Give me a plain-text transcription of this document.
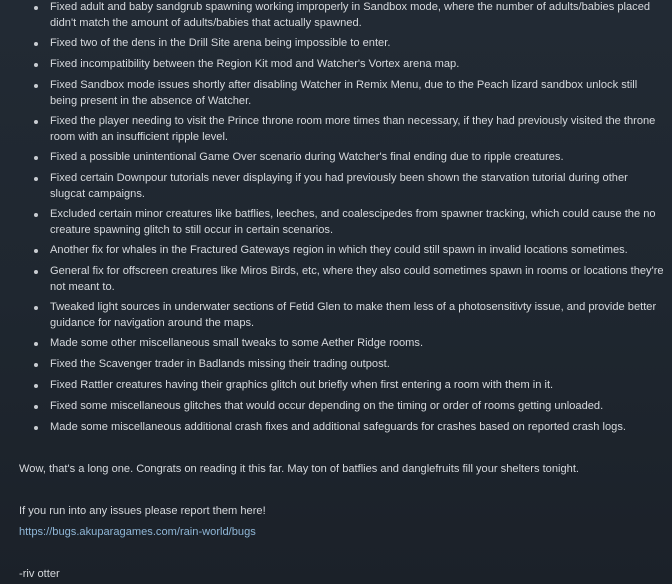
Fixed adult and baby sandgrub spawning working improperly in Sandbox mode, where the number of adults/babies placed didn't match the amount of adults/babies that actually spawned.
Fixed two of the dens in the Drill Site arena being impossible to enter.
Fixed incompatibility between the Region Kit mod and Watcher's Vortex arena map.
Fixed Sandbox mode issues shortly after disabling Watcher in Remix Menu, due to the Peach lizard sandbox unlock still being present in the absence of Watcher.
Fixed the player needing to visit the Prince throne room more times than necessary, if they had previously visited the throne room with an insufficient ripple level.
Fixed a possible unintentional Game Over scenario during Watcher's final ending due to ripple creatures.
Fixed certain Downpour tutorials never displaying if you had previously been shown the starvation tutorial during other slugcat campaigns.
Excluded certain minor creatures like batflies, leeches, and coalescipedes from spawner tracking, which could cause the no creature spawning glitch to still occur in certain scenarios.
Another fix for whales in the Fractured Gateways region in which they could still spawn in invalid locations sometimes.
General fix for offscreen creatures like Miros Birds, etc, where they also could sometimes spawn in rooms or locations they're not meant to.
Tweaked light sources in underwater sections of Fetid Glen to make them less of a photosensitivty issue, and provide better guidance for navigation around the maps.
Made some other miscellaneous small tweaks to some Aether Ridge rooms.
Fixed the Scavenger trader in Badlands missing their trading outpost.
Fixed Rattler creatures having their graphics glitch out briefly when first entering a room with them in it.
Fixed some miscellaneous glitches that would occur depending on the timing or order of rooms getting unloaded.
Made some miscellaneous additional crash fixes and additional safeguards for crashes based on reported crash logs.
Wow, that's a long one. Congrats on reading it this far. May ton of batflies and danglefruits fill your shelters tonight.
If you run into any issues please report them here!
https://bugs.akuparagames.com/rain-world/bugs
-riv otter
